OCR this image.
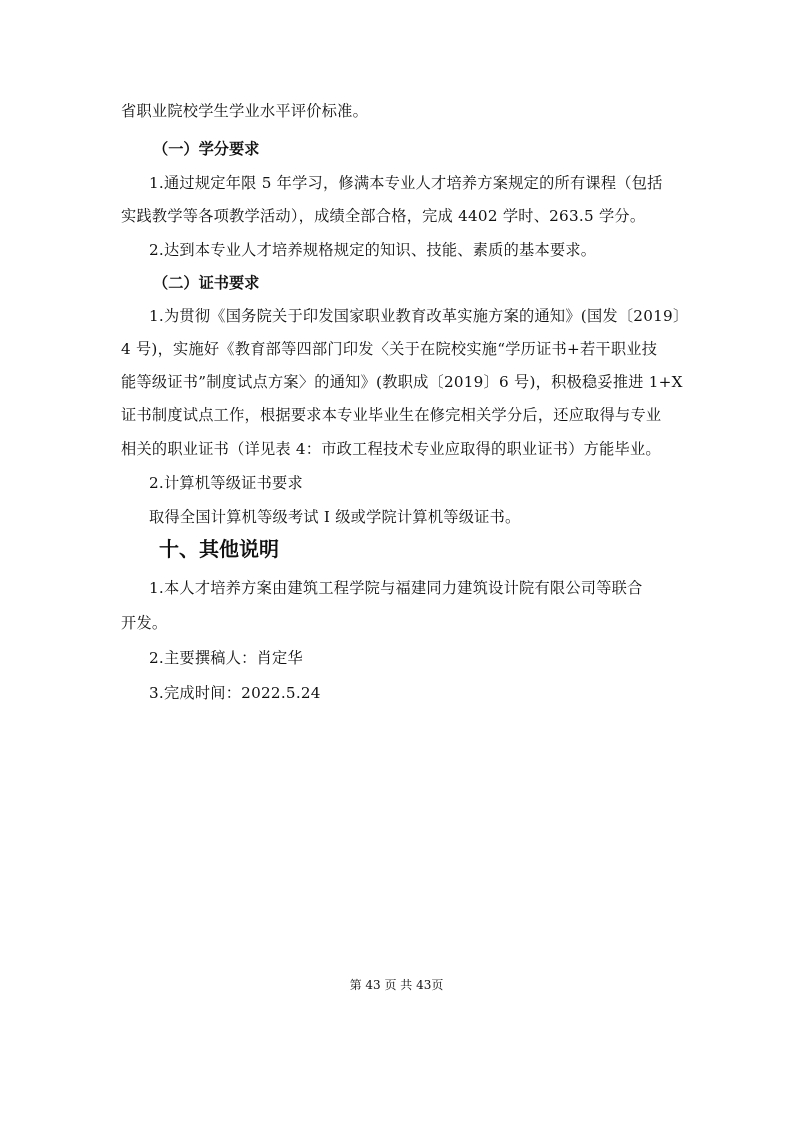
省职业院校学生学业水平评价标准。
（一）学分要求
1.通过规定年限 5 年学习，修满本专业人才培养方案规定的所有课程（包括
实践教学等各项教学活动），成绩全部合格，完成 4402 学时、263.5 学分。
2.达到本专业人才培养规格规定的知识、技能、素质的基本要求。
（二）证书要求
1.为贯彻《国务院关于印发国家职业教育改革实施方案的通知》(国发〔2019〕
4 号)，实施好《教育部等四部门印发〈关于在院校实施“学历证书+若干职业技
能等级证书”制度试点方案〉的通知》(教职成〔2019〕6 号)，积极稳妥推进 1+X
证书制度试点工作，根据要求本专业毕业生在修完相关学分后，还应取得与专业
相关的职业证书（详见表 4：市政工程技术专业应取得的职业证书）方能毕业。
2.计算机等级证书要求
取得全国计算机等级考试 I 级或学院计算机等级证书。
十、其他说明
1.本人才培养方案由建筑工程学院与福建同力建筑设计院有限公司等联合
开发。
2.主要撰稿人：肖定华
3.完成时间：2022.5.24
第 43 页 共 43页
